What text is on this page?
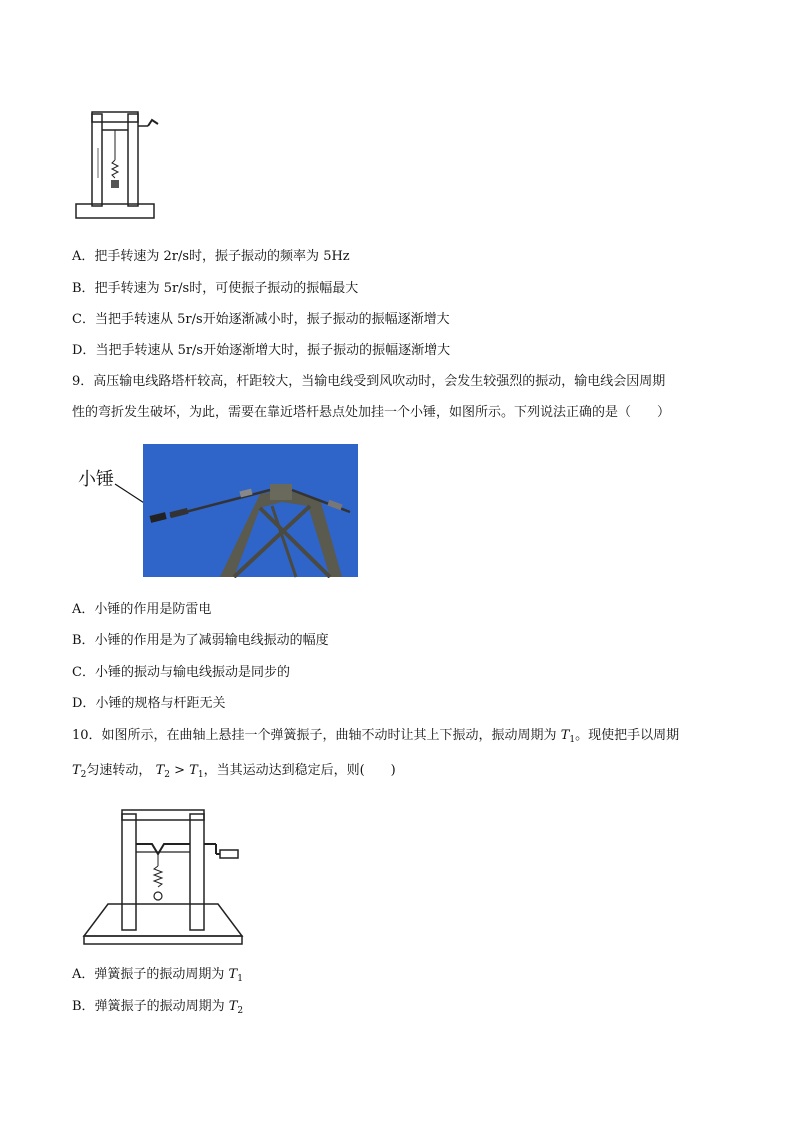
A．把手转速为 2r/s时，振子振动的频率为 5Hz
B．把手转速为 5r/s时，可使振子振动的振幅最大
C．当把手转速从 5r/s开始逐渐减小时，振子振动的振幅逐渐增大
D．当把手转速从 5r/s开始逐渐增大时，振子振动的振幅逐渐增大
9．高压输电线路塔杆较高，杆距较大，当输电线受到风吹动时，会发生较强烈的振动，输电线会因周期
性的弯折发生破坏，为此，需要在靠近塔杆悬点处加挂一个小锤，如图所示。下列说法正确的是（　　）
小锤
A．小锤的作用是防雷电
B．小锤的作用是为了减弱输电线振动的幅度
C．小锤的振动与输电线振动是同步的
D．小锤的规格与杆距无关
10．如图所示，在曲轴上悬挂一个弹簧振子，曲轴不动时让其上下振动，振动周期为 $T_1$。现使把手以周期
$T_2$匀速转动， $T_2 > T_1$，当其运动达到稳定后，则(　　)
A．弹簧振子的振动周期为 $T_1$
B．弹簧振子的振动周期为 $T_2$
